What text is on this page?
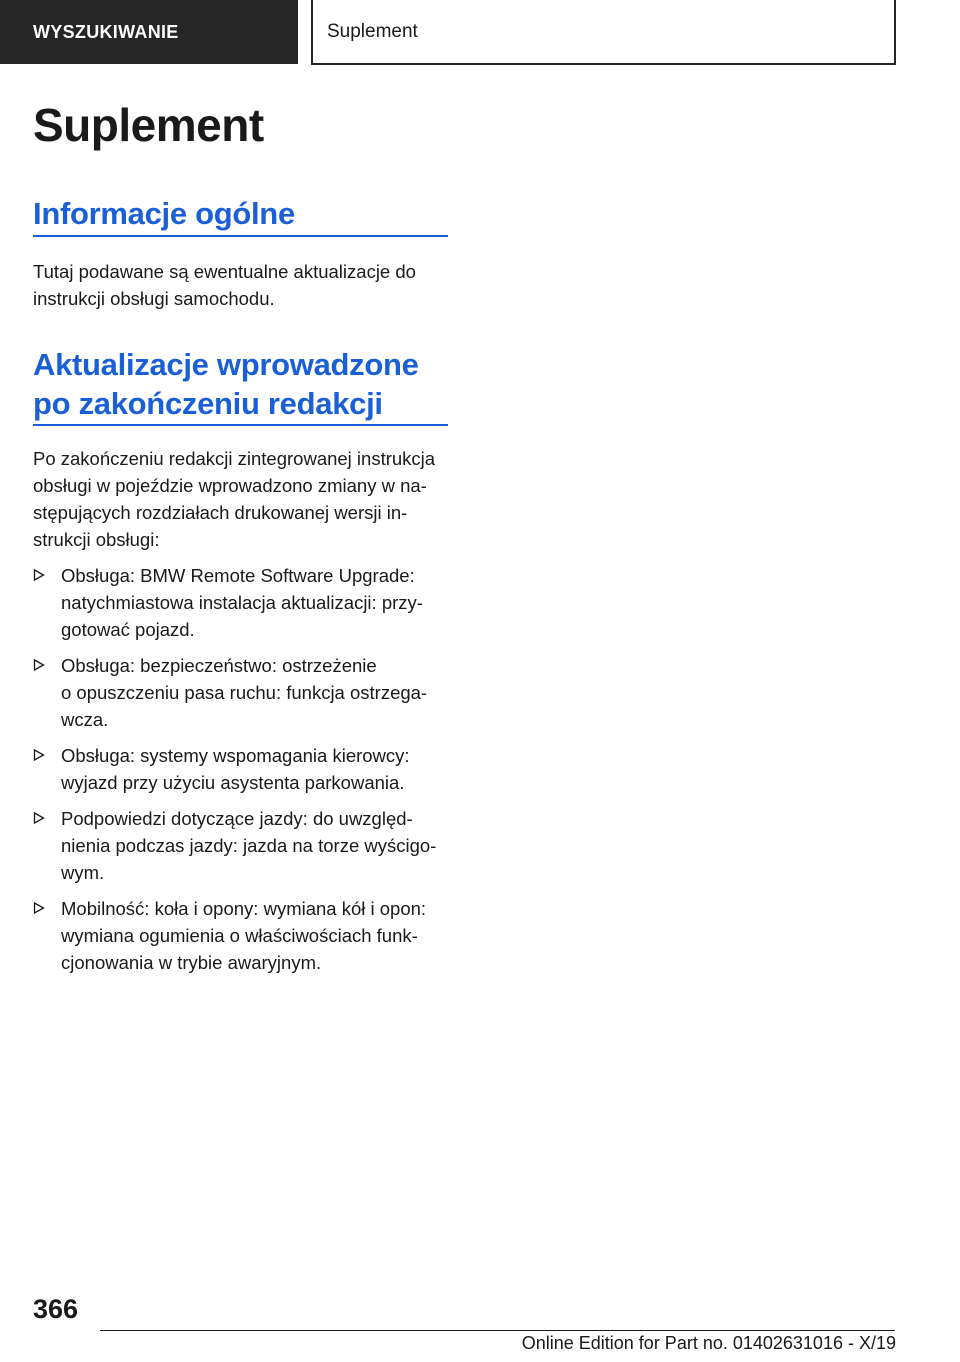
WYSZUKIWANIE	Suplement
Suplement
Informacje ogólne

Tutaj podawane są ewentualne aktualizacje do
instrukcji obsługi samochodu.

Aktualizacje wprowadzone
po zakończeniu redakcji

Po zakończeniu redakcji zintegrowanej instrukcja
obsługi w pojeździe wprowadzono zmiany w na-
stępujących rozdziałach drukowanej wersji in-
strukcji obsługi:

Obsługa: BMW Remote Software Upgrade:
natychmiastowa instalacja aktualizacji: przy-
gotować pojazd.
Obsługa: bezpieczeństwo: ostrzeżenie
o opuszczeniu pasa ruchu: funkcja ostrzega-
wcza.
Obsługa: systemy wspomagania kierowcy:
wyjazd przy użyciu asystenta parkowania.
Podpowiedzi dotyczące jazdy: do uwzględ-
nienia podczas jazdy: jazda na torze wyścigo-
wym.
Mobilność: koła i opony: wymiana kół i opon:
wymiana ogumienia o właściwościach funk-
cjonowania w trybie awaryjnym.
366
Online Edition for Part no. 01402631016 - X/19
